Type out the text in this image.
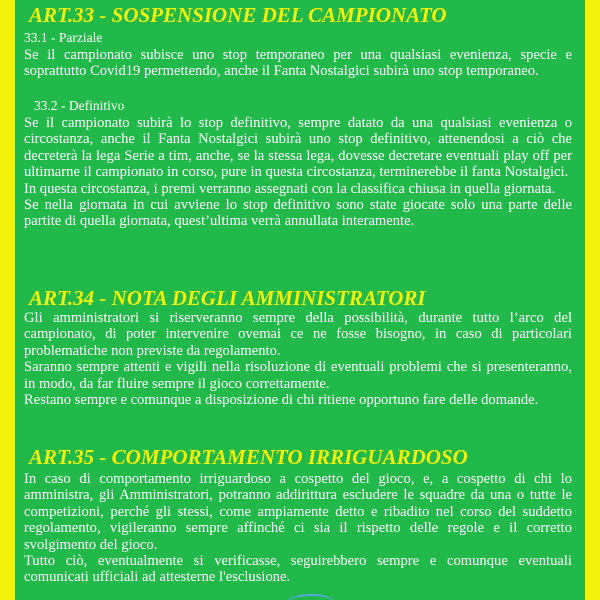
ART.33 - SOSPENSIONE DEL CAMPIONATO
33.1 - Parziale

Se il campionato subisce uno stop temporaneo per una qualsiasi evenienza, specie e soprattutto Covid19 permettendo, anche il Fanta Nostalgici subirà uno stop temporaneo.

33.2 - Definitivo

Se il campionato subirà lo stop definitivo, sempre datato da una qualsiasi evenienza o circostanza, anche il Fanta Nostalgici subirà uno stop definitivo, attenendosi a ciò che decreterà la lega Serie a tim, anche, se la stessa lega, dovesse decretare eventuali play off per ultimarne il campionato in corso, pure in questa circostanza, terminerebbe il fanta Nostalgici.

In questa circostanza, i premi verranno assegnati con la classifica chiusa in quella giornata.

Se nella giornata in cui avviene lo stop definitivo sono state giocate solo una parte delle partite di quella giornata, quest’ultima verrà annullata interamente.

ART.34 - NOTA DEGLI AMMINISTRATORI

Gli amministratori si riserveranno sempre della possibilità, durante tutto l’arco del campionato, di poter intervenire ovemai ce ne fosse bisogno, in caso di particolari problematiche non previste da regolamento.

Saranno sempre attenti e vigili nella risoluzione di eventuali problemi che si presenteranno, in modo, da far fluire sempre il gioco correttamente.

Restano sempre e comunque a disposizione di chi ritiene opportuno fare delle domande.

ART.35 - COMPORTAMENTO IRRIGUARDOSO

In caso di comportamento irriguardoso a cospetto del gioco, e, a cospetto di chi lo amministra, gli Amministratori, potranno addirittura escludere le squadre da una o tutte le competizioni, perché gli stessi, come ampiamente detto e ribadito nel corso del suddetto regolamento, vigileranno sempre affinché ci sia il rispetto delle regole e il corretto svolgimento del gioco.

Tutto ciò, eventualmente si verificasse, seguirebbero sempre e comunque eventuali comunicati ufficiali ad attesterne l'esclusione.
